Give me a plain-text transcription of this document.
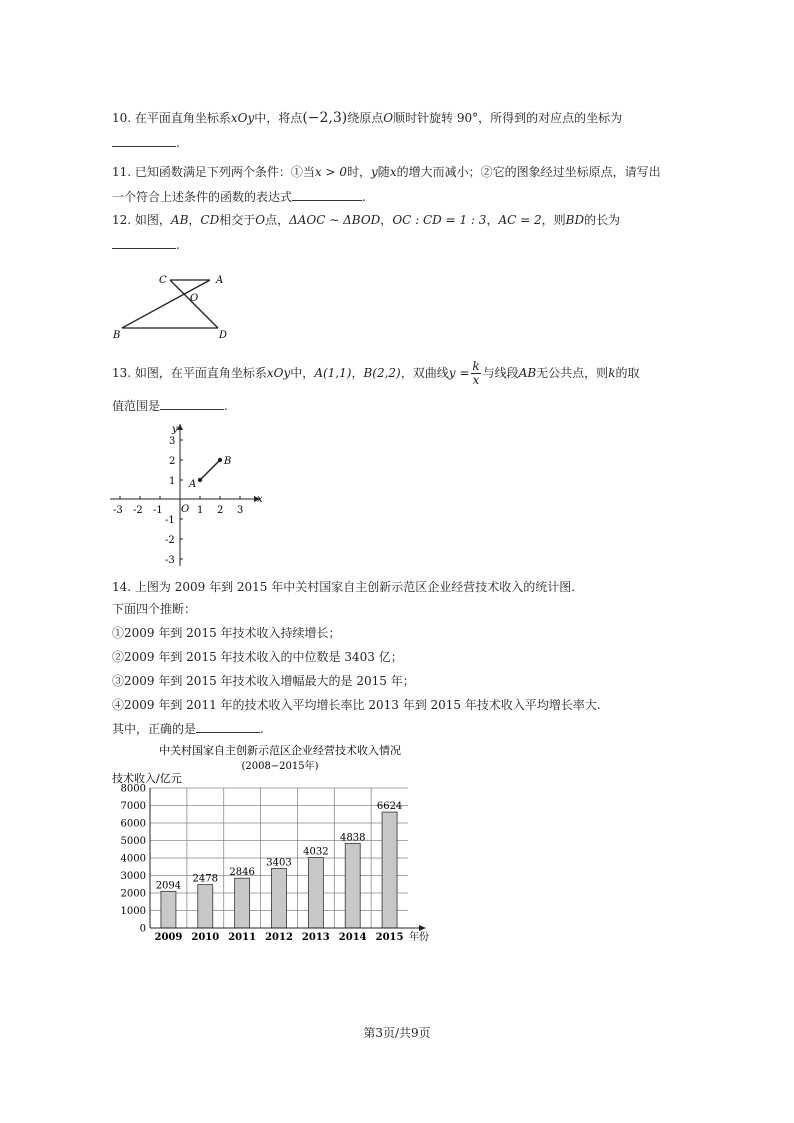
10. 在平面直角坐标系xOy中，将点(−2,3)绕原点O顺时针旋转 90°，所得到的对应点的坐标为
.
11. 已知函数满足下列两个条件：①当x > 0时，y随x的增大而减小；②它的图象经过坐标原点，请写出
一个符合上述条件的函数的表达式	.
12. 如图，AB，CD相交于O点，ΔAOC ∼ ΔBOD，OC : CD = 1 : 3，AC = 2，则BD的长为
.
C	A
O
B	D
13. 如图，在平面直角坐标系xOy中，A(1,1)，B(2,2)，双曲线$y = \frac{k}{x}$ 与线段AB无公共点，则k的取
值范围是	.
x
y
O
-3 -2 -1	1 2 3
3
2
1
-1
-2
-3
A
B
14. 上图为 2009 年到 2015 年中关村国家自主创新示范区企业经营技术收入的统计图.
下面四个推断：
①2009 年到 2015 年技术收入持续增长；
②2009 年到 2015 年技术收入的中位数是 3403 亿；
③2009 年到 2015 年技术收入增幅最大的是 2015 年；
④2009 年到 2011 年的技术收入平均增长率比 2013 年到 2015 年技术收入平均增长率大.
其中，正确的是	.
中关村国家自主创新示范区企业经营技术收入情况
(2008−2015年)
技术收入/亿元
0
1000
2000
3000
4000
5000
6000
7000
8000
2094
2009
2478
2010
2846
2011
3403
2012
4032
2013
4838
2014
6624
2015 年份
第3页/共9页
